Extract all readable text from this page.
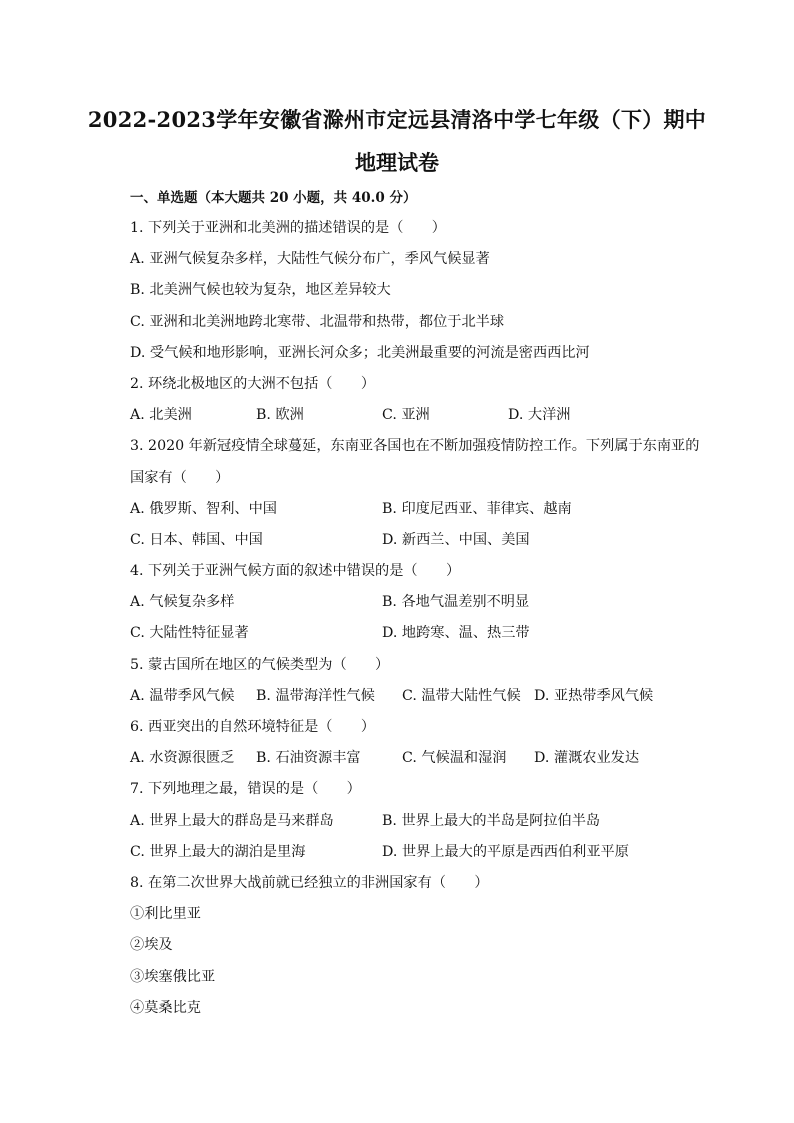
2022-2023学年安徽省滁州市定远县清洛中学七年级（下）期中
地理试卷
一、单选题（本大题共 20 小题，共 40.0 分）
1. 下列关于亚洲和北美洲的描述错误的是（　　）
A. 亚洲气候复杂多样，大陆性气候分布广，季风气候显著
B. 北美洲气候也较为复杂，地区差异较大
C. 亚洲和北美洲地跨北寒带、北温带和热带，都位于北半球
D. 受气候和地形影响，亚洲长河众多；北美洲最重要的河流是密西西比河
2. 环绕北极地区的大洲不包括（　　）
A. 北美洲	B. 欧洲	C. 亚洲	D. 大洋洲
3. 2020 年新冠疫情全球蔓延，东南亚各国也在不断加强疫情防控工作。下列属于东南亚的
国家有（　　）
A. 俄罗斯、智利、中国	B. 印度尼西亚、菲律宾、越南
C. 日本、韩国、中国	D. 新西兰、中国、美国
4. 下列关于亚洲气候方面的叙述中错误的是（　　）
A. 气候复杂多样	B. 各地气温差别不明显
C. 大陆性特征显著	D. 地跨寒、温、热三带
5. 蒙古国所在地区的气候类型为（　　）
A. 温带季风气候 B. 温带海洋性气候 C. 温带大陆性气候 D. 亚热带季风气候
6. 西亚突出的自然环境特征是（　　）
A. 水资源很匮乏 B. 石油资源丰富	C. 气候温和湿润 D. 灌溉农业发达
7. 下列地理之最，错误的是（　　）
A. 世界上最大的群岛是马来群岛	B. 世界上最大的半岛是阿拉伯半岛
C. 世界上最大的湖泊是里海	D. 世界上最大的平原是西西伯利亚平原
8. 在第二次世界大战前就已经独立的非洲国家有（　　）
①利比里亚
②埃及
③埃塞俄比亚
④莫桑比克
